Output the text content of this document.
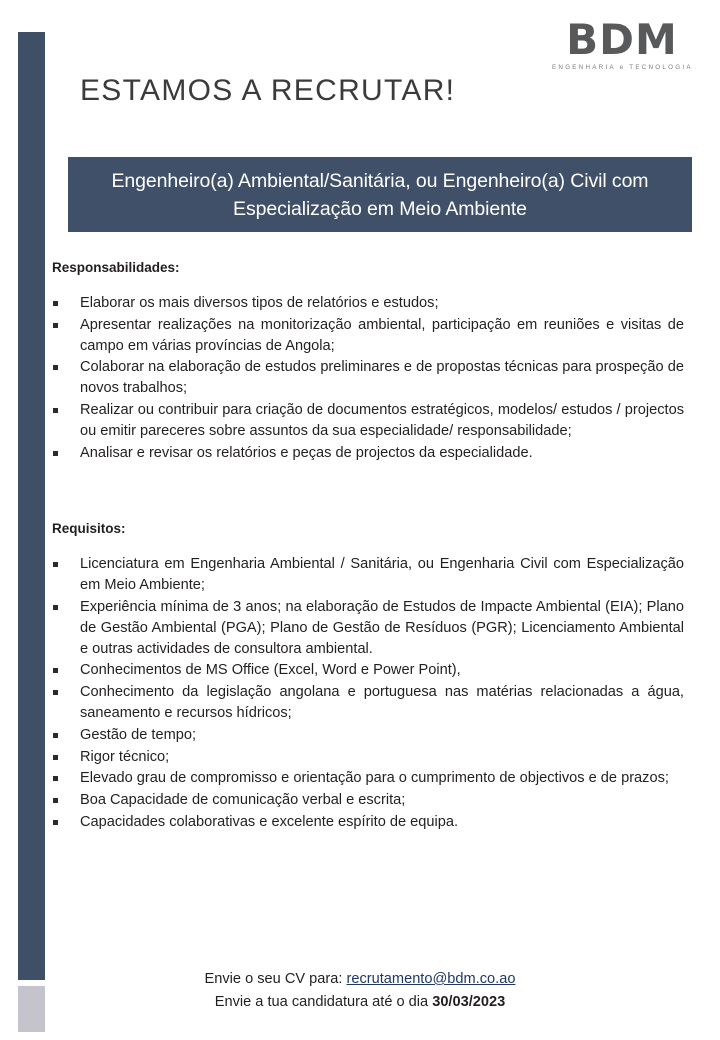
BDM
ENGENHARIA e TECNOLOGIA
ESTAMOS A RECRUTAR!
Engenheiro(a) Ambiental/Sanitária, ou Engenheiro(a) Civil com Especialização em Meio Ambiente
Responsabilidades:
Elaborar os mais diversos tipos de relatórios e estudos;
Apresentar realizações na monitorização ambiental, participação em reuniões e visitas de campo em várias províncias de Angola;
Colaborar na elaboração de estudos preliminares e de propostas técnicas para prospeção de novos trabalhos;
Realizar ou contribuir para criação de documentos estratégicos, modelos/ estudos / projectos ou emitir pareceres sobre assuntos da sua especialidade/ responsabilidade;
Analisar e revisar os relatórios e peças de projectos da especialidade.
Requisitos:
Licenciatura em Engenharia Ambiental / Sanitária, ou Engenharia Civil com Especialização em Meio Ambiente;
Experiência mínima de 3 anos; na elaboração de Estudos de Impacte Ambiental (EIA); Plano de Gestão Ambiental (PGA); Plano de Gestão de Resíduos (PGR); Licenciamento Ambiental e outras actividades de consultora ambiental.
Conhecimentos de MS Office (Excel, Word e Power Point),
Conhecimento da legislação angolana e portuguesa nas matérias relacionadas a água, saneamento e recursos hídricos;
Gestão de tempo;
Rigor técnico;
Elevado grau de compromisso e orientação para o cumprimento de objectivos e de prazos;
Boa Capacidade de comunicação verbal e escrita;
Capacidades colaborativas e excelente espírito de equipa.
Envie o seu CV para: recrutamento@bdm.co.ao
Envie a tua candidatura até o dia 30/03/2023
